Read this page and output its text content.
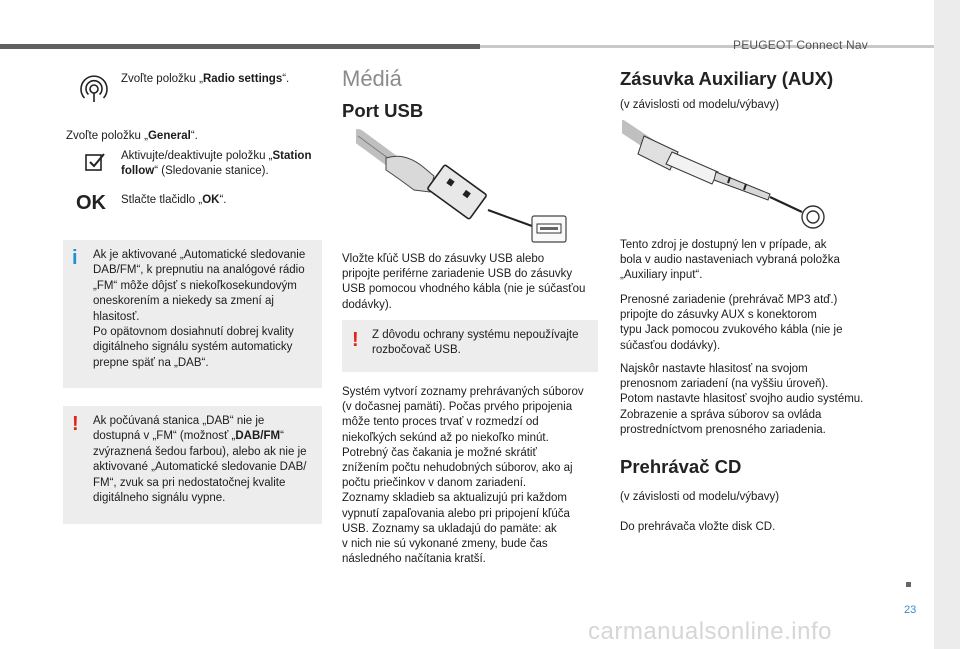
PEUGEOT Connect Nav

Zvoľte položku „Radio settings“.

Zvoľte položku „General“.

Aktivujte/deaktivujte položku „Station follow“ (Sledovanie stanice).

OK	Stlačte tlačidlo „OK“.

i Ak je aktivované „Automatické sledovanie

DAB/FM“, k prepnutiu na analógové rádio

„FM“ môže dôjsť s niekoľkosekundovým

oneskorením a niekedy sa zmení aj

hlasitosť.

Po opätovnom dosiahnutí dobrej kvality

digitálneho signálu systém automaticky

prepne späť na „DAB“.

! Ak počúvaná stanica „DAB“ nie je

dostupná v „FM“ (možnosť „DAB/FM“

zvýraznená šedou farbou), alebo ak nie je

aktivované „Automatické sledovanie DAB/

FM“, zvuk sa pri nedostatočnej kvalite

digitálneho signálu vypne.

Médiá
Port USB

Vložte kľúč USB do zásuvky USB alebo

pripojte periférne zariadenie USB do zásuvky

USB pomocou vhodného kábla (nie je súčasťou

dodávky).

! Z dôvodu ochrany systému nepoužívajte

rozbočovač USB.

Systém vytvorí zoznamy prehrávaných súborov

(v dočasnej pamäti). Počas prvého pripojenia

môže tento proces trvať v rozmedzí od

niekoľkých sekúnd až po niekoľko minút.

Potrebný čas čakania je možné skrátiť

znížením počtu nehudobných súborov, ako aj

počtu priečinkov v danom zariadení.

Zoznamy skladieb sa aktualizujú pri každom

vypnutí zapaľovania alebo pri pripojení kľúča

USB. Zoznamy sa ukladajú do pamäte: ak

v nich nie sú vykonané zmeny, bude čas

následného načítania kratší.

Zásuvka Auxiliary (AUX)
(v závislosti od modelu/výbavy)

Tento zdroj je dostupný len v prípade, ak

bola v audio nastaveniach vybraná položka

„Auxiliary input“.

Prenosné zariadenie (prehrávač MP3 atď.)

pripojte do zásuvky AUX s konektorom

typu Jack pomocou zvukového kábla (nie je

súčasťou dodávky).

Najskôr nastavte hlasitosť na svojom

prenosnom zariadení (na vyššiu úroveň).

Potom nastavte hlasitosť svojho audio systému.

Zobrazenie a správa súborov sa ovláda

prostredníctvom prenosného zariadenia.

Prehrávač CD
(v závislosti od modelu/výbavy)
Do prehrávača vložte disk CD.
.
23
carmanualsonline.info
